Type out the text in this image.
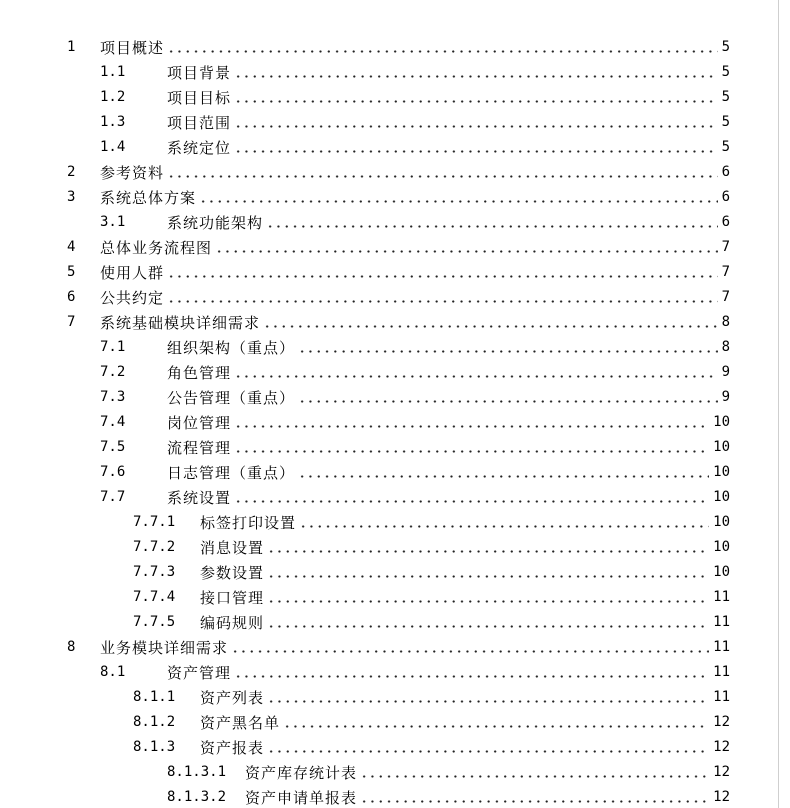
1	项目概述	5
1.1	项目背景	5
1.2	项目目标	5
1.3	项目范围	5
1.4	系统定位	5
2	参考资料	6
3	系统总体方案	6
3.1	系统功能架构	6
4	总体业务流程图	7
5	使用人群	7
6	公共约定	7
7	系统基础模块详细需求	8
7.1	组织架构（重点）	8
7.2	角色管理	9
7.3	公告管理（重点）	9
7.4	岗位管理	10
7.5	流程管理	10
7.6	日志管理（重点）	10
7.7	系统设置	10
7.7.1	标签打印设置	10
7.7.2	消息设置	10
7.7.3	参数设置	10
7.7.4	接口管理	11
7.7.5	编码规则	11
8	业务模块详细需求	11
8.1	资产管理	11
8.1.1	资产列表	11
8.1.2	资产黑名单	12
8.1.3	资产报表	12
8.1.3.1	资产库存统计表	12
8.1.3.2	资产申请单报表	12
